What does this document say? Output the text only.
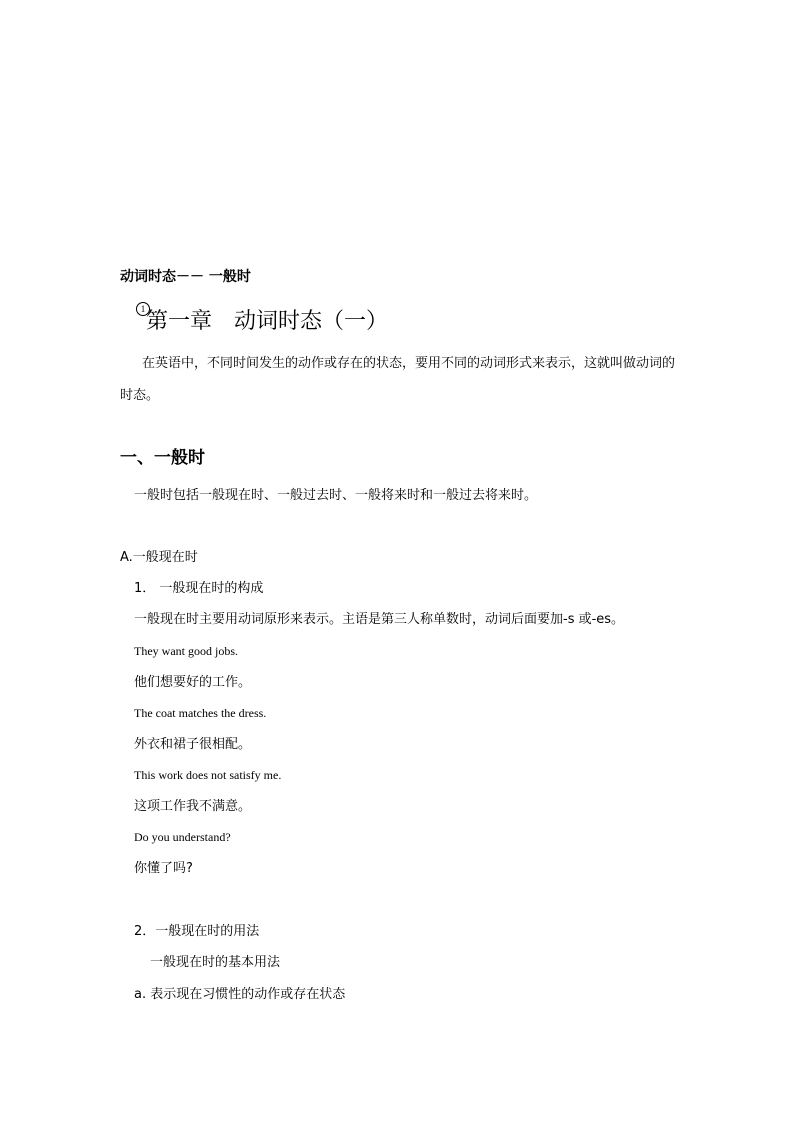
动词时态－－ 一般时
1 第一章　动词时态（一）
在英语中，不同时间发生的动作或存在的状态，要用不同的动词形式来表示，这就叫做动词的时态。
一、一般时
一般时包括一般现在时、一般过去时、一般将来时和一般过去将来时。
A.一般现在时
1． 一般现在时的构成
一般现在时主要用动词原形来表示。主语是第三人称单数时，动词后面要加-s 或-es。
They want good jobs.
他们想要好的工作。
The coat matches the dress.
外衣和裙子很相配。
This work does not satisfy me.
这项工作我不满意。
Do you understand?
你懂了吗?
2．一般现在时的用法
一般现在时的基本用法
a. 表示现在习惯性的动作或存在状态
